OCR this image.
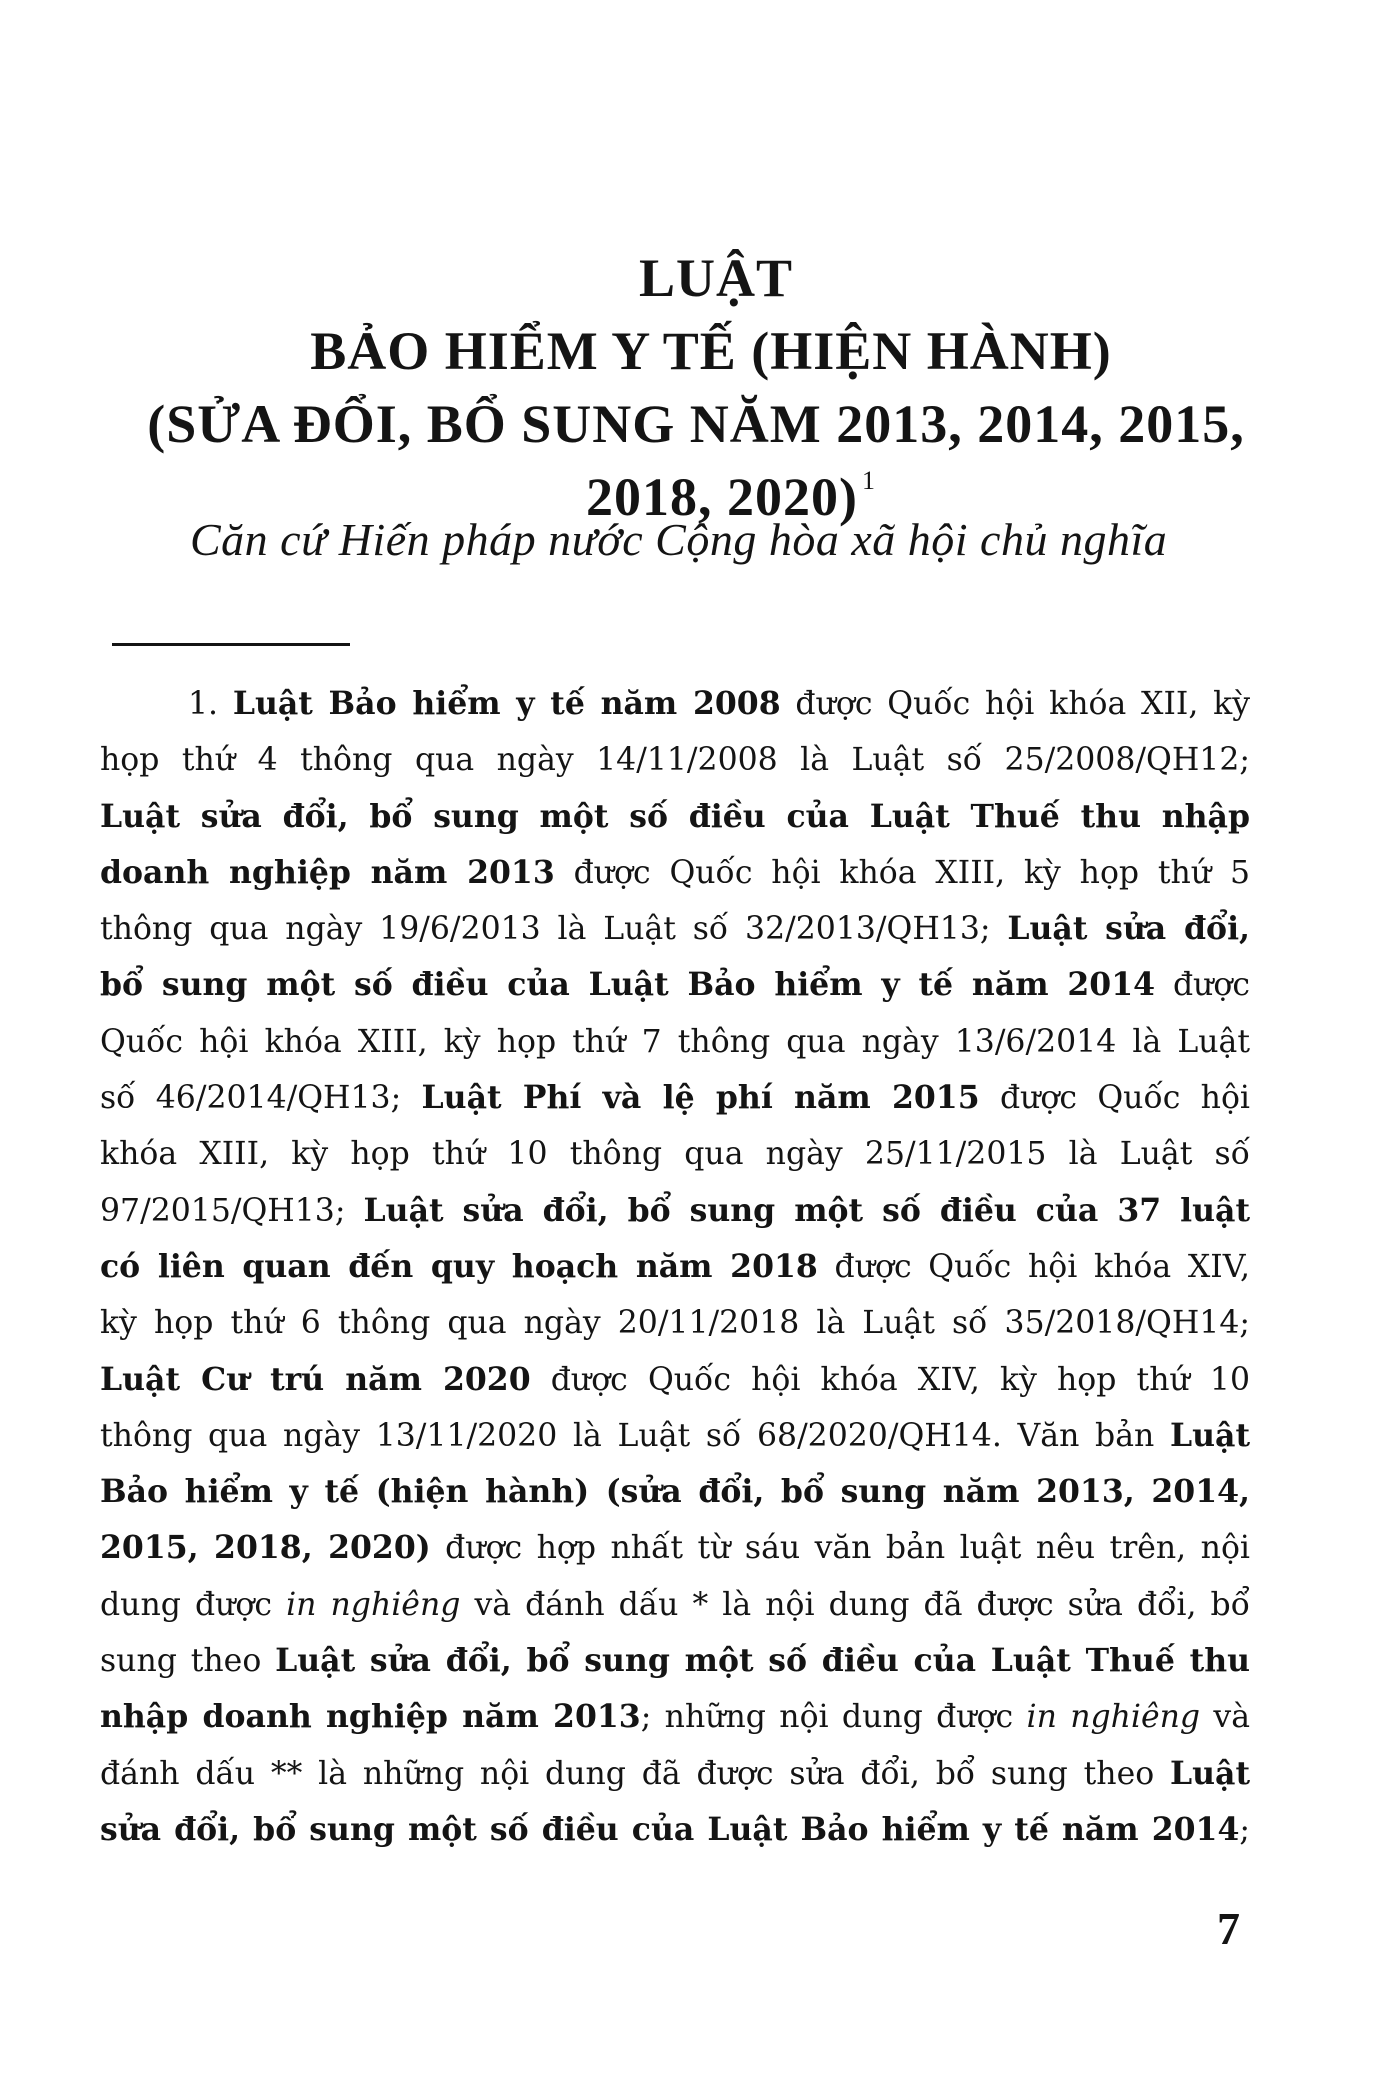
LUẬT
BẢO HIỂM Y TẾ (HIỆN HÀNH)
(SỬA ĐỔI, BỔ SUNG NĂM 2013, 2014, 2015,
2018, 2020) $^1$
Căn cứ Hiến pháp nước Cộng hòa xã hội chủ nghĩa
1. Luật Bảo hiểm y tế năm 2008 được Quốc hội khóa XII, kỳ
họp thứ 4 thông qua ngày 14/11/2008 là Luật số 25/2008/QH12;
Luật sửa đổi, bổ sung một số điều của Luật Thuế thu nhập
doanh nghiệp năm 2013 được Quốc hội khóa XIII, kỳ họp thứ 5
thông qua ngày 19/6/2013 là Luật số 32/2013/QH13; Luật sửa đổi,
bổ sung một số điều của Luật Bảo hiểm y tế năm 2014 được
Quốc hội khóa XIII, kỳ họp thứ 7 thông qua ngày 13/6/2014 là Luật
số 46/2014/QH13; Luật Phí và lệ phí năm 2015 được Quốc hội
khóa XIII, kỳ họp thứ 10 thông qua ngày 25/11/2015 là Luật số
97/2015/QH13; Luật sửa đổi, bổ sung một số điều của 37 luật
có liên quan đến quy hoạch năm 2018 được Quốc hội khóa XIV,
kỳ họp thứ 6 thông qua ngày 20/11/2018 là Luật số 35/2018/QH14;
Luật Cư trú năm 2020 được Quốc hội khóa XIV, kỳ họp thứ 10
thông qua ngày 13/11/2020 là Luật số 68/2020/QH14. Văn bản Luật
Bảo hiểm y tế (hiện hành) (sửa đổi, bổ sung năm 2013, 2014,
2015, 2018, 2020) được hợp nhất từ sáu văn bản luật nêu trên, nội
dung được in nghiêng và đánh dấu * là nội dung đã được sửa đổi, bổ
sung theo Luật sửa đổi, bổ sung một số điều của Luật Thuế thu
nhập doanh nghiệp năm 2013; những nội dung được in nghiêng và
đánh dấu ** là những nội dung đã được sửa đổi, bổ sung theo Luật
sửa đổi, bổ sung một số điều của Luật Bảo hiểm y tế năm 2014;
7
